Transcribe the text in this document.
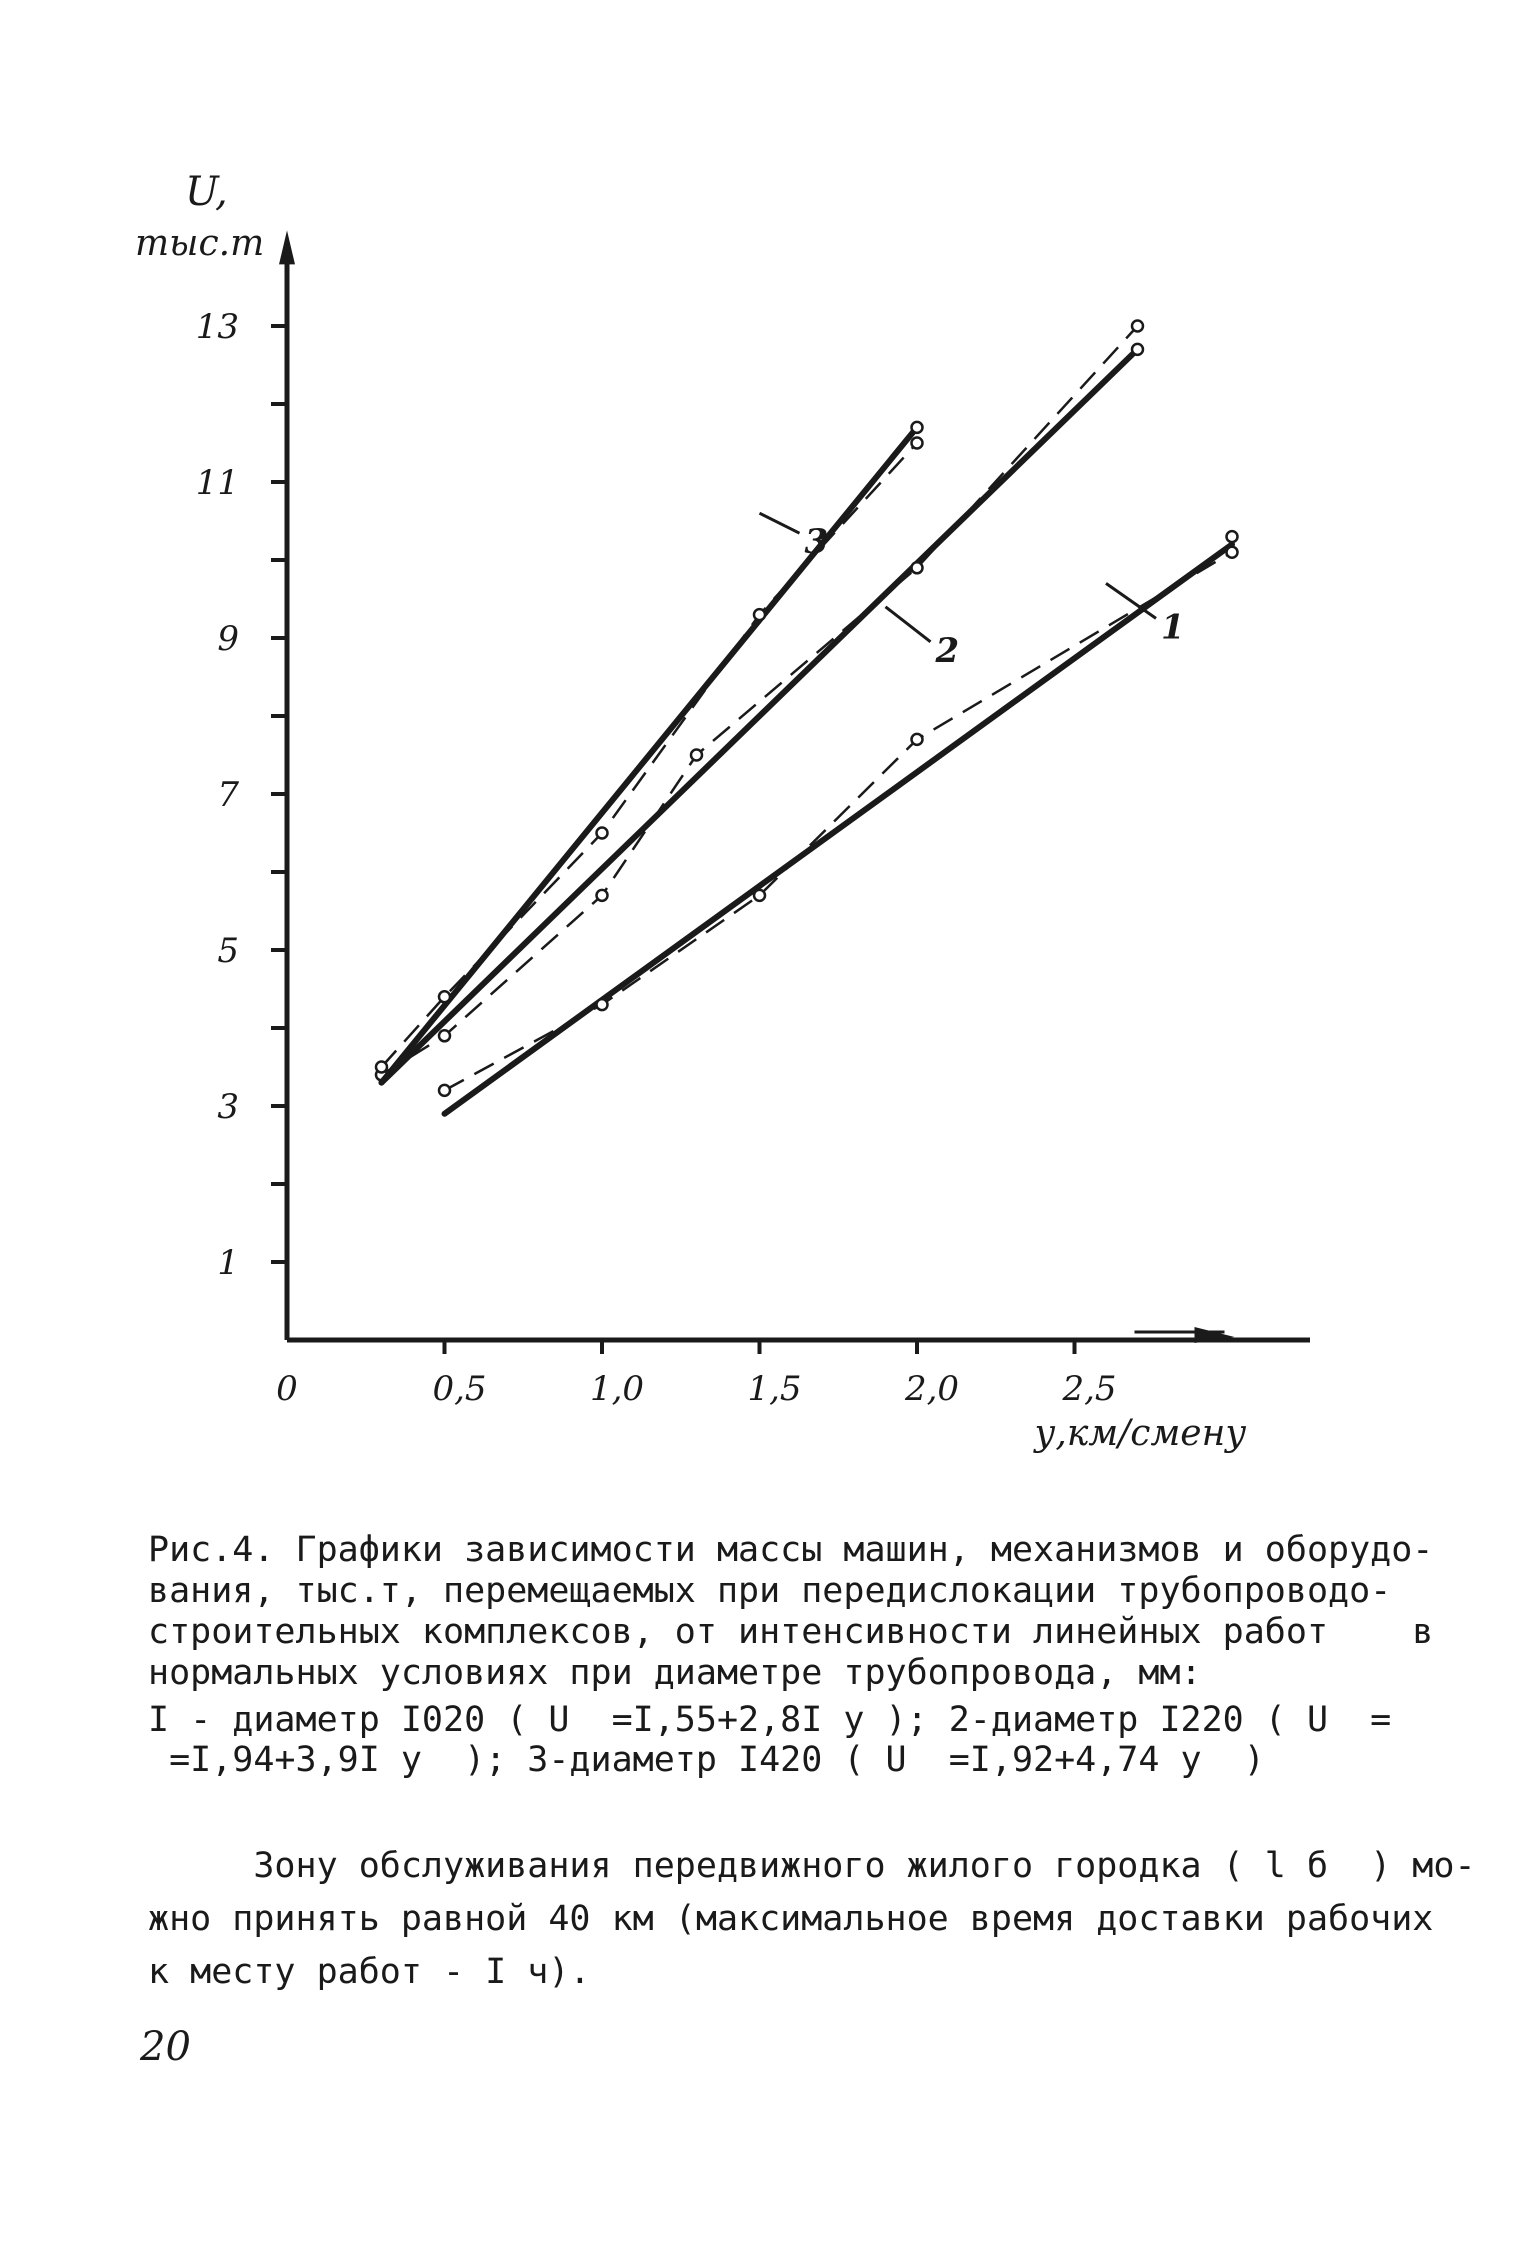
1
2
3
1
3
5
7
9
11
13
0	0,5	1,0	1,5	2,0	2,5
U,
тыс.т
у,км/смену
Рис.4. Графики зависимости массы машин, механизмов и оборудо-
вания, тыс.т, перемещаемых при передислокации трубопроводо-
строительных комплексов, от интенсивности линейных работ    в
нормальных условиях при диаметре трубопровода, мм:
I - диаметр I020 ( U  =I,55+2,8I у ); 2-диаметр I220 ( U  =
=I,94+3,9I у  ); 3-диаметр I420 ( U  =I,92+4,74 у  )
Зону обслуживания передвижного жилого городка ( l б  ) мо-
жно принять равной 40 км (максимальное время доставки рабочих
к месту работ - I ч).
20
